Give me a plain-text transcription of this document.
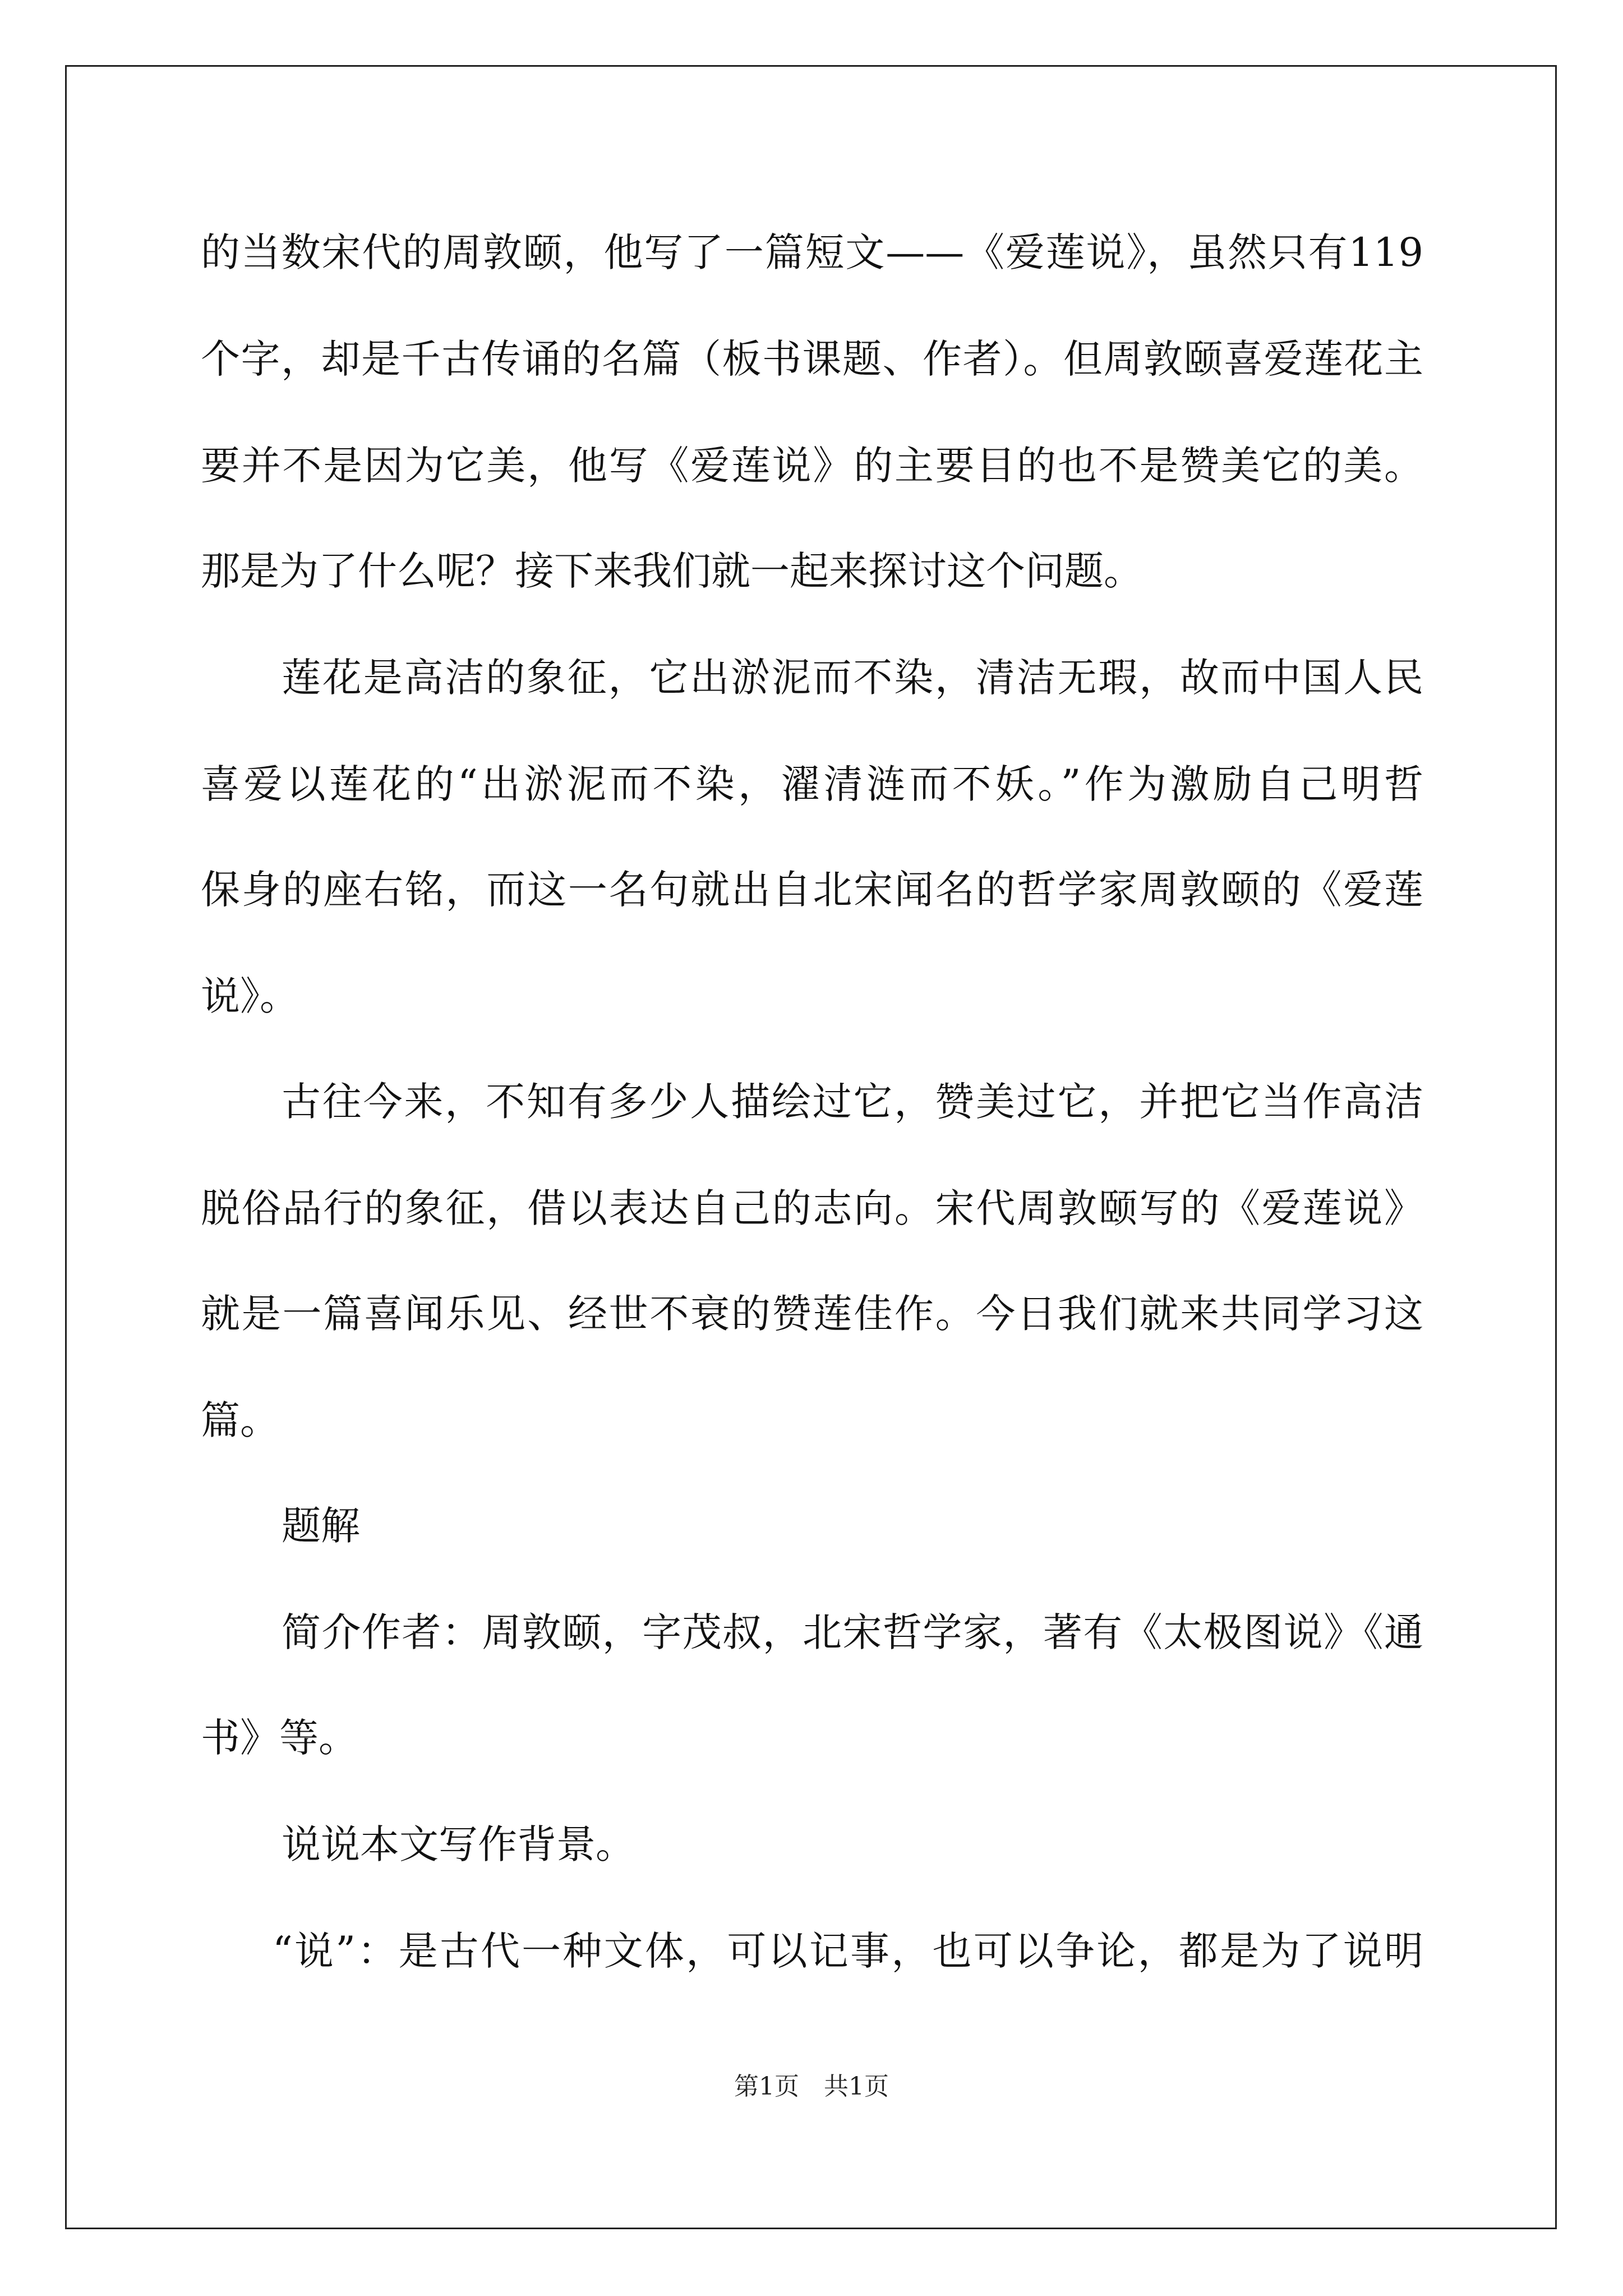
的当数宋代的周敦颐，他写了一篇短文——《爱莲说》，虽然只有119
个字，却是千古传诵的名篇（板书课题、作者）。但周敦颐喜爱莲花主
要并不是因为它美，他写《爱莲说》的主要目的也不是赞美它的美。
那是为了什么呢？接下来我们就一起来探讨这个问题。
莲花是高洁的象征，它出淤泥而不染，清洁无瑕，故而中国人民
喜爱以莲花的“出淤泥而不染，濯清涟而不妖。”作为激励自己明哲
保身的座右铭，而这一名句就出自北宋闻名的哲学家周敦颐的《爱莲
说》。
古往今来，不知有多少人描绘过它，赞美过它，并把它当作高洁
脱俗品行的象征，借以表达自己的志向。宋代周敦颐写的《爱莲说》
就是一篇喜闻乐见、经世不衰的赞莲佳作。今日我们就来共同学习这
篇。
题解
简介作者：周敦颐，字茂叔，北宋哲学家，著有《太极图说》《通
书》等。
说说本文写作背景。
“说”：是古代一种文体，可以记事，也可以争论，都是为了说明
第1页 共1页
